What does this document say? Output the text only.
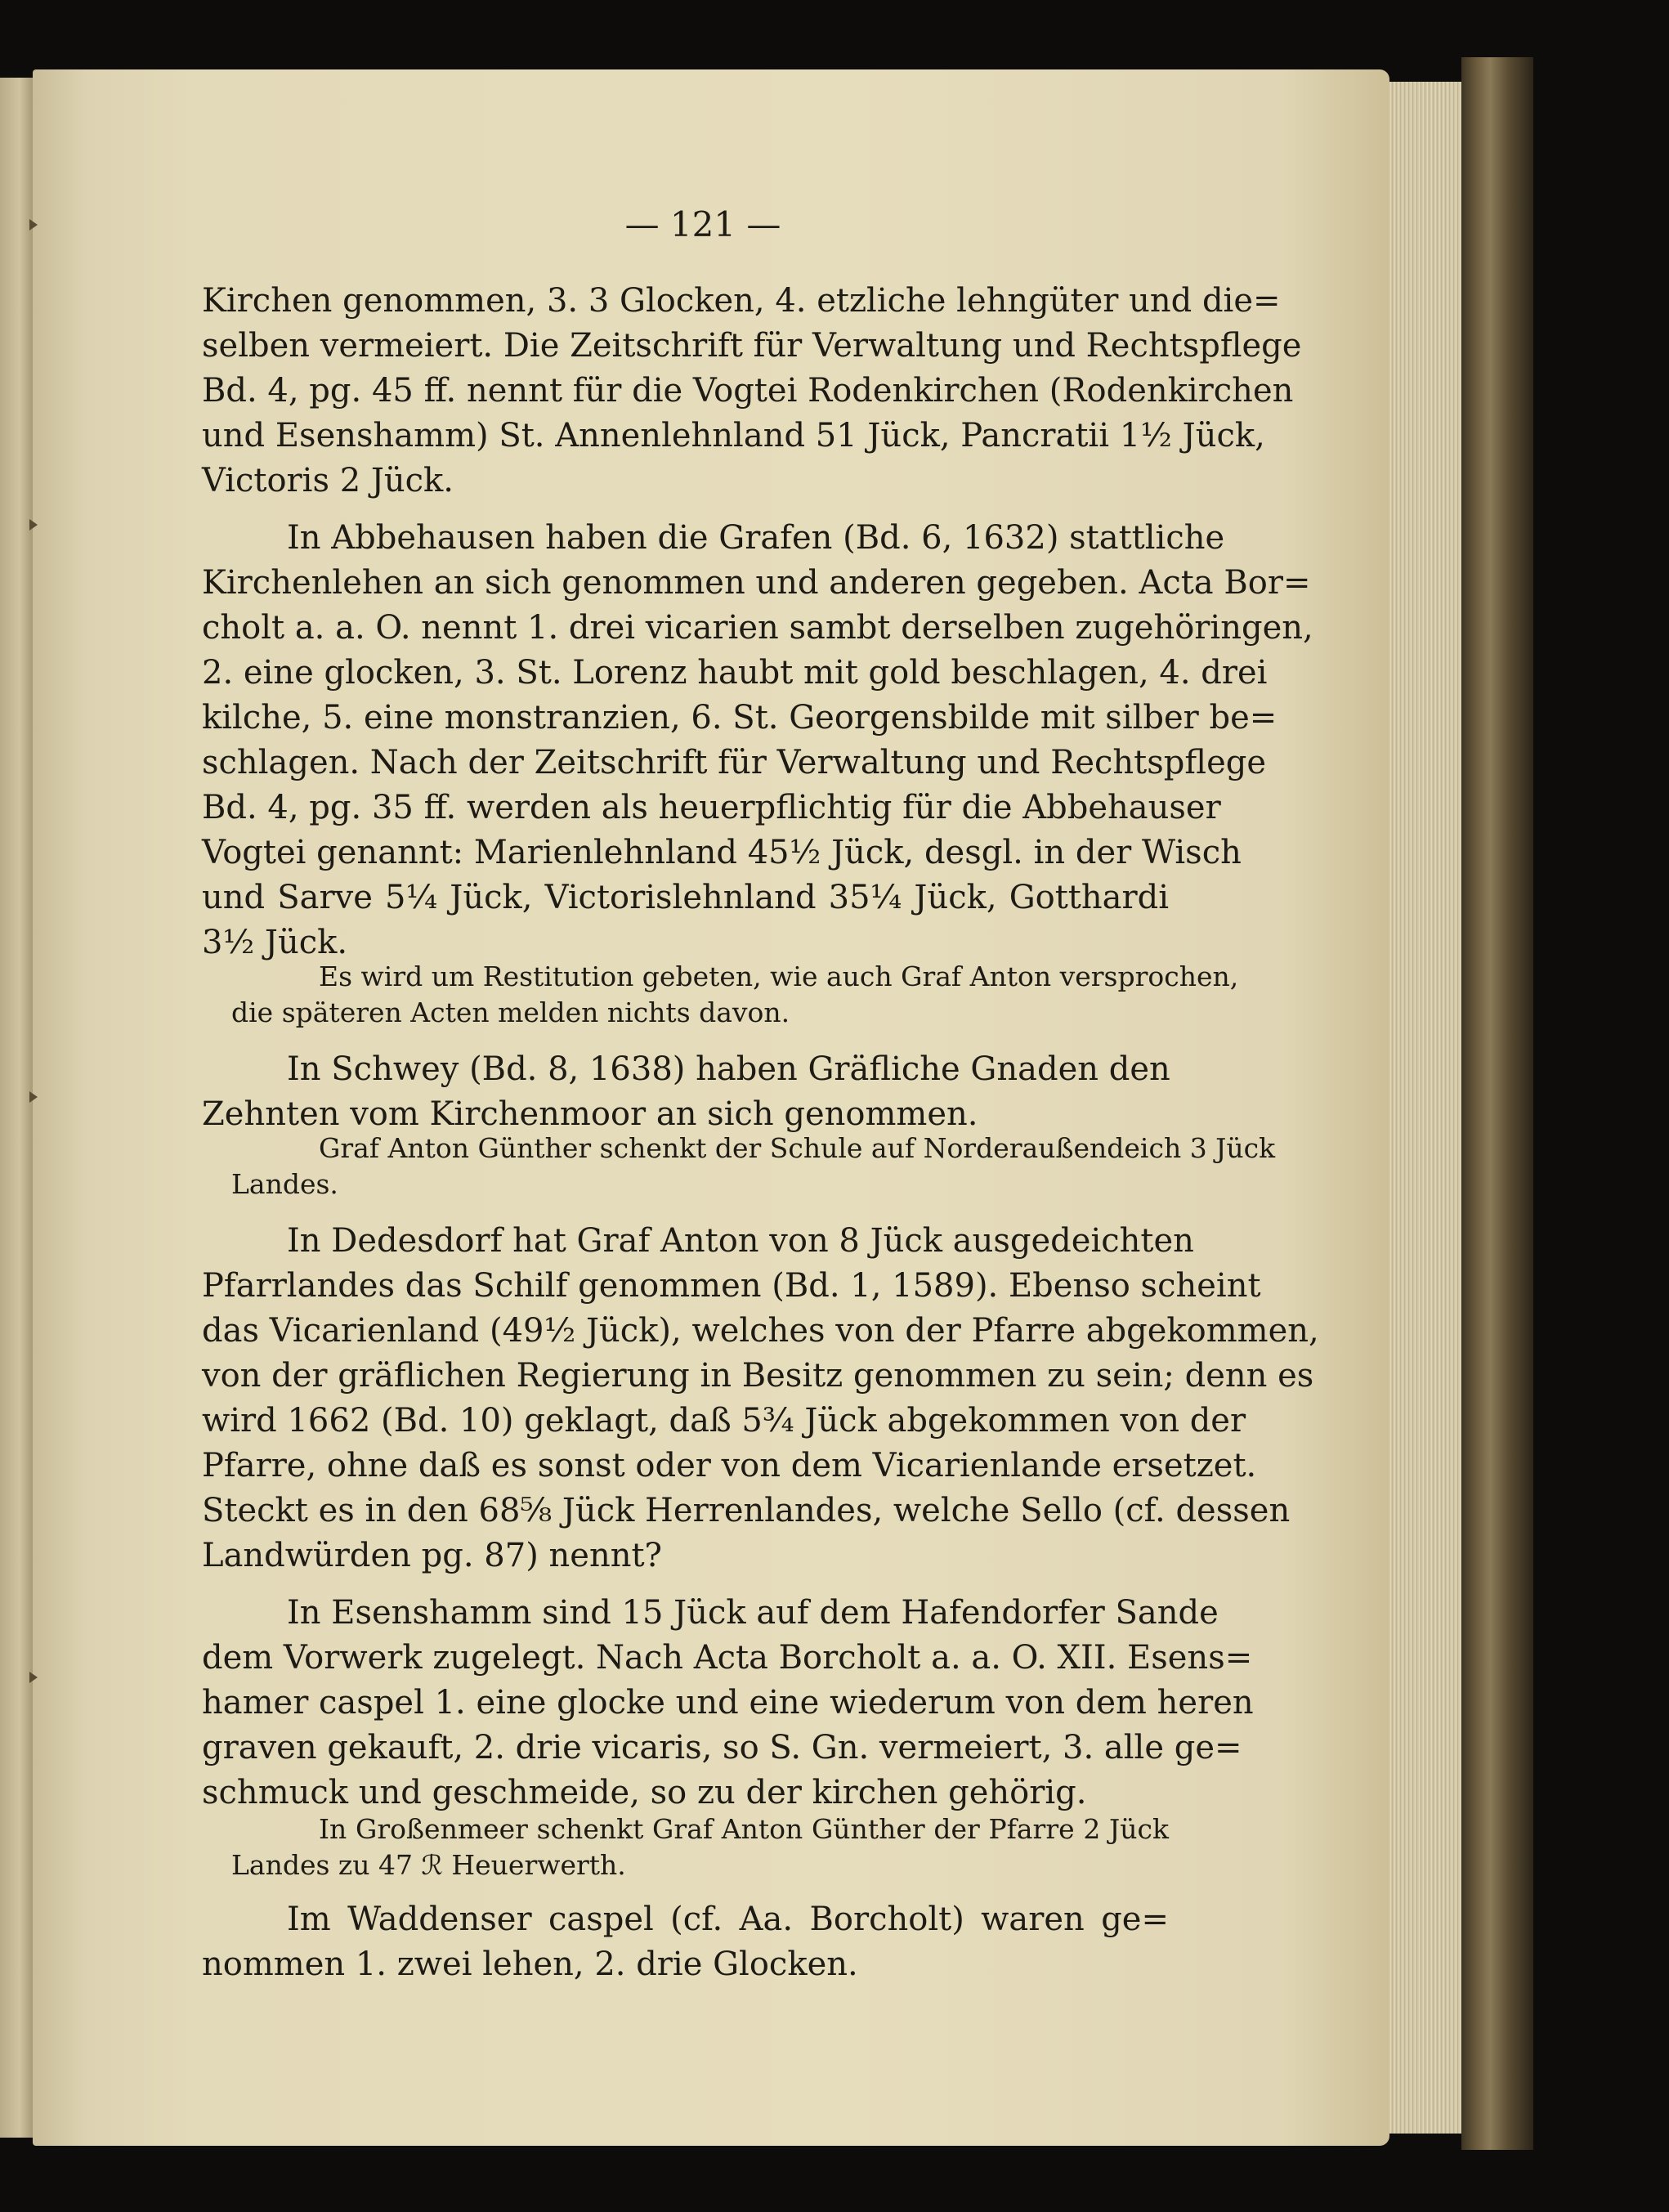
— 121 —
Kirchen genommen, 3. 3 Glocken, 4. etzliche lehngüter und die=
selben vermeiert. Die Zeitschrift für Verwaltung und Rechtspflege
Bd. 4, pg. 45 ff. nennt für die Vogtei Rodenkirchen (Rodenkirchen
und Esenshamm) St. Annenlehnland 51 Jück, Pancratii 1½ Jück,
Victoris 2 Jück.
In Abbehausen haben die Grafen (Bd. 6, 1632) stattliche
Kirchenlehen an sich genommen und anderen gegeben. Acta Bor=
cholt a. a. O. nennt 1. drei vicarien sambt derselben zugehöringen,
2. eine glocken, 3. St. Lorenz haubt mit gold beschlagen, 4. drei
kilche, 5. eine monstranzien, 6. St. Georgensbilde mit silber be=
schlagen. Nach der Zeitschrift für Verwaltung und Rechtspflege
Bd. 4, pg. 35 ff. werden als heuerpflichtig für die Abbehauser
Vogtei genannt: Marienlehnland 45½ Jück, desgl. in der Wisch
und Sarve 5¼ Jück, Victorislehnland 35¼ Jück, Gotthardi
3½ Jück.
Es wird um Restitution gebeten, wie auch Graf Anton versprochen,
die späteren Acten melden nichts davon.
In Schwey (Bd. 8, 1638) haben Gräfliche Gnaden den
Zehnten vom Kirchenmoor an sich genommen.
Graf Anton Günther schenkt der Schule auf Norderaußendeich 3 Jück
Landes.
In Dedesdorf hat Graf Anton von 8 Jück ausgedeichten
Pfarrlandes das Schilf genommen (Bd. 1, 1589). Ebenso scheint
das Vicarienland (49½ Jück), welches von der Pfarre abgekommen,
von der gräflichen Regierung in Besitz genommen zu sein; denn es
wird 1662 (Bd. 10) geklagt, daß 5¾ Jück abgekommen von der
Pfarre, ohne daß es sonst oder von dem Vicarienlande ersetzet.
Steckt es in den 68⅝ Jück Herrenlandes, welche Sello (cf. dessen
Landwürden pg. 87) nennt?
In Esenshamm sind 15 Jück auf dem Hafendorfer Sande
dem Vorwerk zugelegt. Nach Acta Borcholt a. a. O. XII. Esens=
hamer caspel 1. eine glocke und eine wiederum von dem heren
graven gekauft, 2. drie vicaris, so S. Gn. vermeiert, 3. alle ge=
schmuck und geschmeide, so zu der kirchen gehörig.
In Großenmeer schenkt Graf Anton Günther der Pfarre 2 Jück
Landes zu 47 ℛ Heuerwerth.
Im Waddenser caspel (cf. Aa. Borcholt) waren ge=
nommen 1. zwei lehen, 2. drie Glocken.
